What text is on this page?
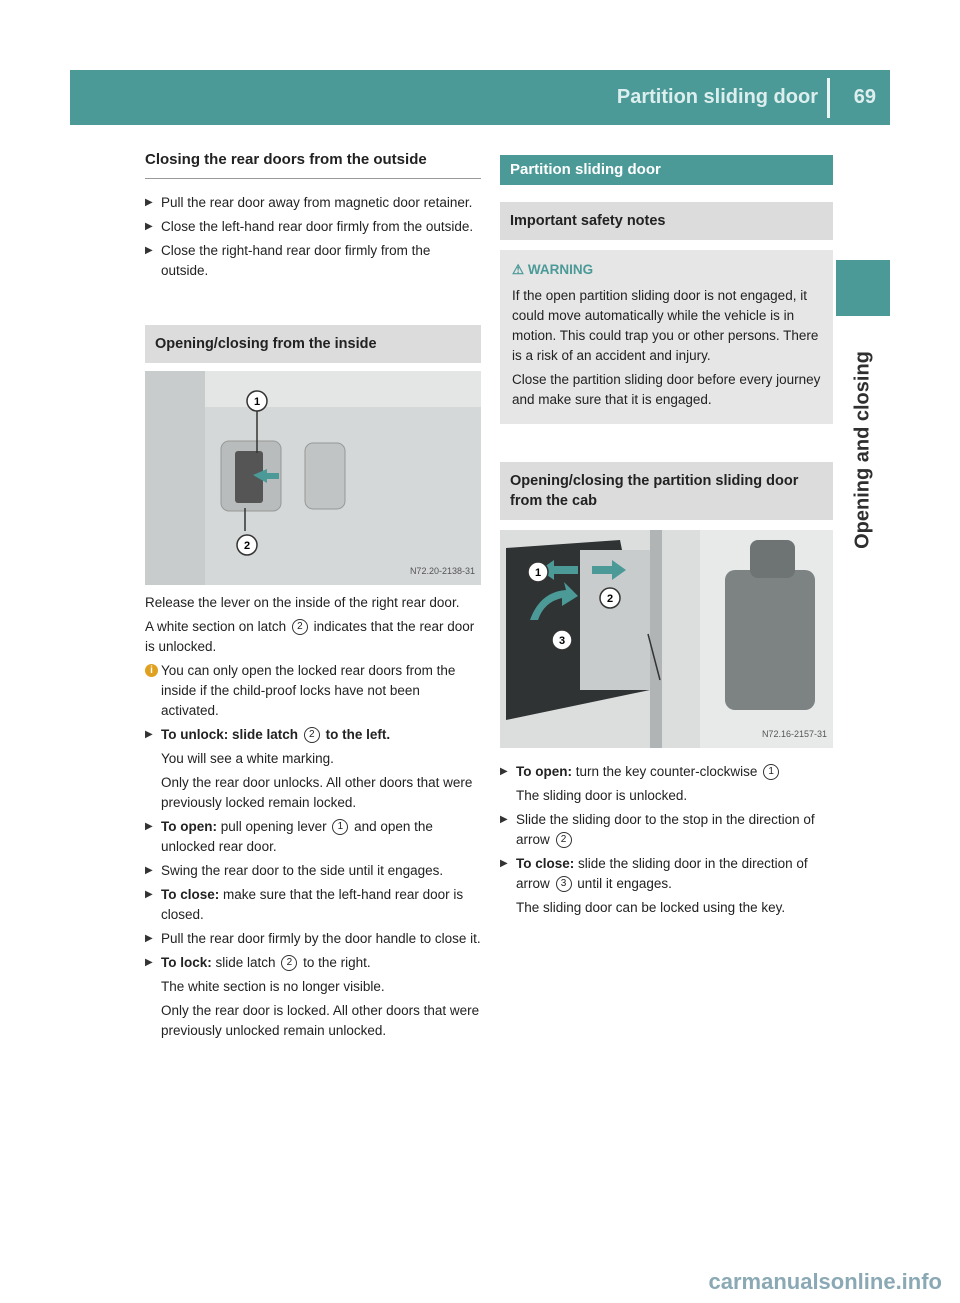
Partition sliding door 69
Opening and closing
Closing the rear doors from the outside
▶ Pull the rear door away from magnetic door retainer.
▶ Close the left-hand rear door firmly from the outside.
▶ Close the right-hand rear door firmly from the outside.
Opening/closing from the inside
1
2
N72.20-2138-31
Release the lever on the inside of the right rear door.
A white section on latch 2 indicates that the rear door is unlocked.
i You can only open the locked rear doors from the inside if the child-proof locks have not been activated.
▶ To unlock: slide latch 2 to the left.
You will see a white marking.
Only the rear door unlocks. All other doors that were previously locked remain locked.
▶ To open: pull opening lever 1 and open the unlocked rear door.
▶ Swing the rear door to the side until it engages.
▶ To close: make sure that the left-hand rear door is closed.
▶ Pull the rear door firmly by the door handle to close it.
▶ To lock: slide latch 2 to the right.
The white section is no longer visible.
Only the rear door is locked. All other doors that were previously unlocked remain unlocked.
Partition sliding door
Important safety notes
⚠ WARNING
If the open partition sliding door is not engaged, it could move automatically while the vehicle is in motion. This could trap you or other persons. There is a risk of an accident and injury.
Close the partition sliding door before every journey and make sure that it is engaged.
Opening/closing the partition sliding door from the cab
1
2
3
N72.16-2157-31
▶ To open: turn the key counter-clockwise 1
The sliding door is unlocked.
▶ Slide the sliding door to the stop in the direction of arrow 2
▶ To close: slide the sliding door in the direction of arrow 3 until it engages.
The sliding door can be locked using the key.
carmanualsonline.info
